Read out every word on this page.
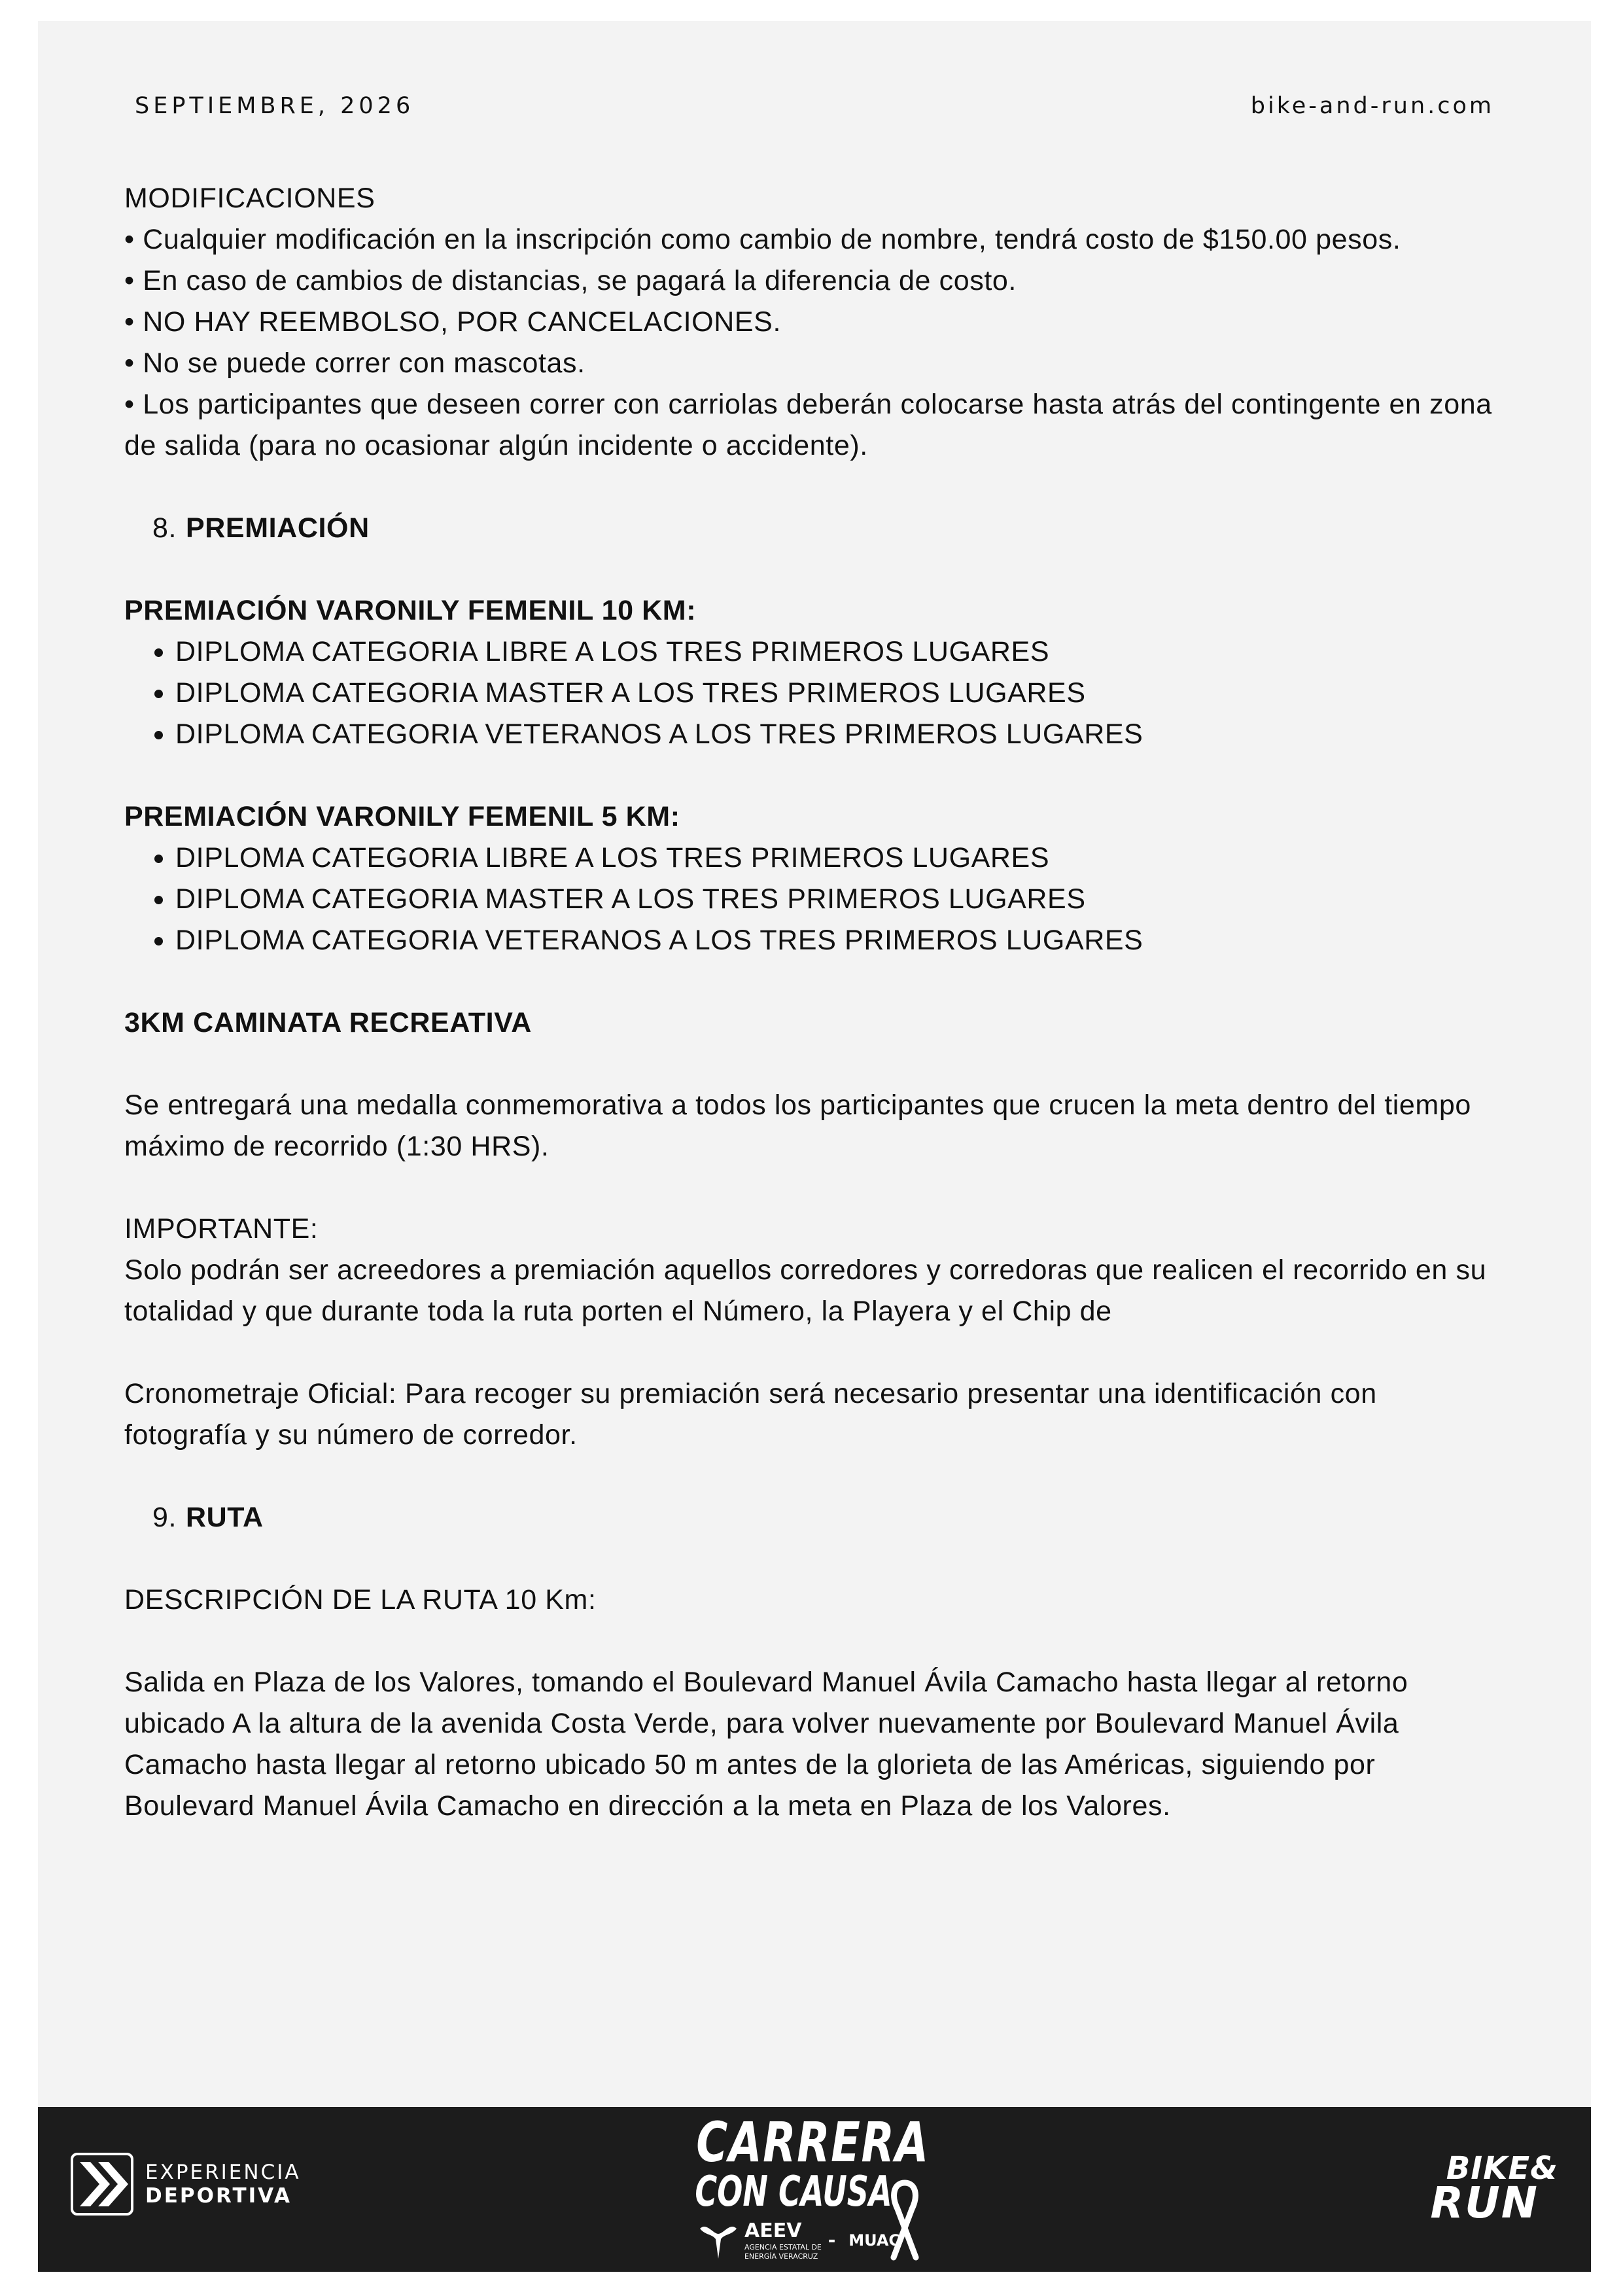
SEPTIEMBRE, 2026	bike-and-run.com

MODIFICACIONES

• Cualquier modificación en la inscripción como cambio de nombre, tendrá costo de $150.00 pesos.

• En caso de cambios de distancias, se pagará la diferencia de costo.

• NO HAY REEMBOLSO, POR CANCELACIONES.

• No se puede correr con mascotas.

• Los participantes que deseen correr con carriolas deberán colocarse hasta atrás del contingente en zona de salida (para no ocasionar algún incidente o accidente).

8. PREMIACIÓN

PREMIACIÓN VARONILY FEMENIL 10 KM:

• DIPLOMA CATEGORIA LIBRE A LOS TRES PRIMEROS LUGARES
• DIPLOMA CATEGORIA MASTER A LOS TRES PRIMEROS LUGARES
• DIPLOMA CATEGORIA VETERANOS A LOS TRES PRIMEROS LUGARES

PREMIACIÓN VARONILY FEMENIL 5 KM:

• DIPLOMA CATEGORIA LIBRE A LOS TRES PRIMEROS LUGARES
• DIPLOMA CATEGORIA MASTER A LOS TRES PRIMEROS LUGARES
• DIPLOMA CATEGORIA VETERANOS A LOS TRES PRIMEROS LUGARES

3KM CAMINATA RECREATIVA

Se entregará una medalla conmemorativa a todos los participantes que crucen la meta dentro del tiempo máximo de recorrido (1:30 HRS).

IMPORTANTE:

Solo podrán ser acreedores a premiación aquellos corredores y corredoras que realicen el recorrido en su totalidad y que durante toda la ruta porten el Número, la Playera y el Chip de

Cronometraje Oficial: Para recoger su premiación será necesario presentar una identificación con fotografía y su número de corredor.

9. RUTA

DESCRIPCIÓN DE LA RUTA 10 Km:

Salida en Plaza de los Valores, tomando el Boulevard Manuel Ávila Camacho hasta llegar al retorno ubicado A la altura de la avenida Costa Verde, para volver nuevamente por Boulevard Manuel Ávila Camacho hasta llegar al retorno ubicado 50 m antes de la glorieta de las Américas, siguiendo por Boulevard Manuel Ávila Camacho en dirección a la meta en Plaza de los Valores.

EXPERIENCIA
DEPORTIVA
CARRERA
CON CAUSA
AEEV
AGENCIA ESTATAL DE
ENERGÍA VERACRUZ
- MUAC
BIKE&
RUN
